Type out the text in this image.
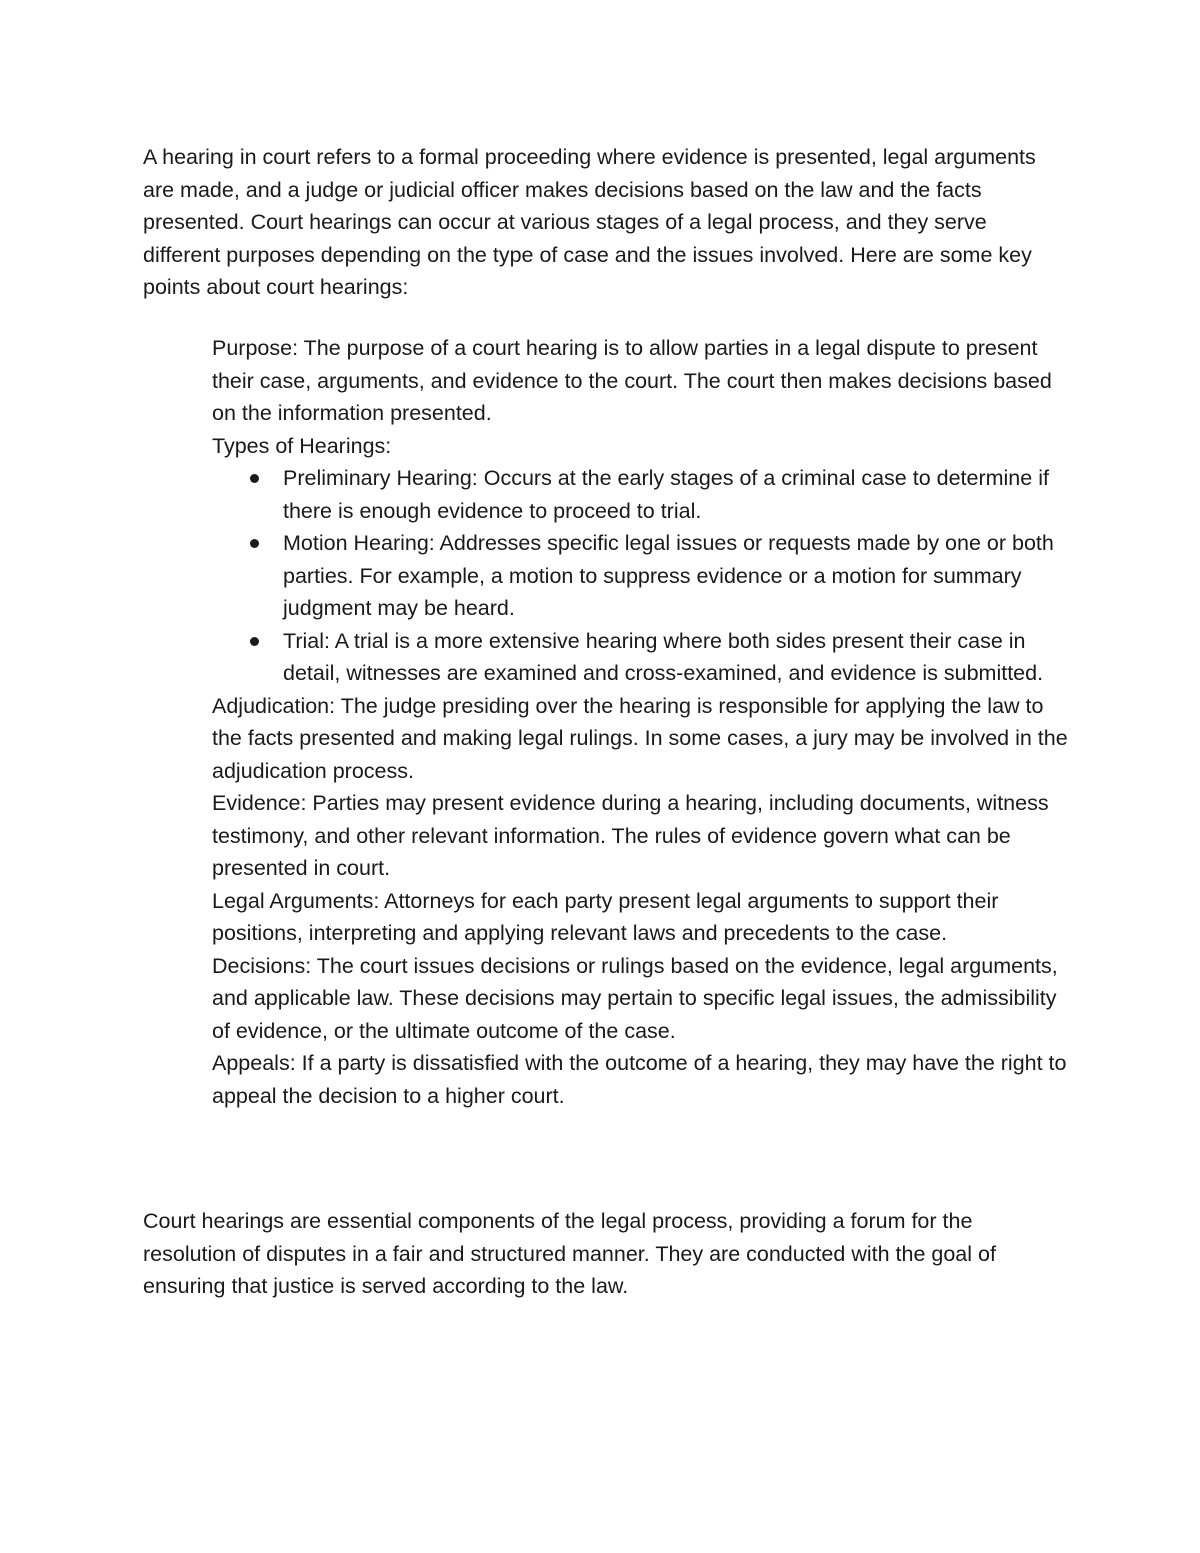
A hearing in court refers to a formal proceeding where evidence is presented, legal arguments are made, and a judge or judicial officer makes decisions based on the law and the facts presented. Court hearings can occur at various stages of a legal process, and they serve different purposes depending on the type of case and the issues involved. Here are some key points about court hearings:

Purpose: The purpose of a court hearing is to allow parties in a legal dispute to present their case, arguments, and evidence to the court. The court then makes decisions based on the information presented.

Types of Hearings:

Preliminary Hearing: Occurs at the early stages of a criminal case to determine if there is enough evidence to proceed to trial.
Motion Hearing: Addresses specific legal issues or requests made by one or both parties. For example, a motion to suppress evidence or a motion for summary judgment may be heard.
Trial: A trial is a more extensive hearing where both sides present their case in detail, witnesses are examined and cross-examined, and evidence is submitted.

Adjudication: The judge presiding over the hearing is responsible for applying the law to the facts presented and making legal rulings. In some cases, a jury may be involved in the adjudication process.

Evidence: Parties may present evidence during a hearing, including documents, witness testimony, and other relevant information. The rules of evidence govern what can be presented in court.

Legal Arguments: Attorneys for each party present legal arguments to support their positions, interpreting and applying relevant laws and precedents to the case.

Decisions: The court issues decisions or rulings based on the evidence, legal arguments, and applicable law. These decisions may pertain to specific legal issues, the admissibility of evidence, or the ultimate outcome of the case.

Appeals: If a party is dissatisfied with the outcome of a hearing, they may have the right to appeal the decision to a higher court.

Court hearings are essential components of the legal process, providing a forum for the resolution of disputes in a fair and structured manner. They are conducted with the goal of ensuring that justice is served according to the law.
